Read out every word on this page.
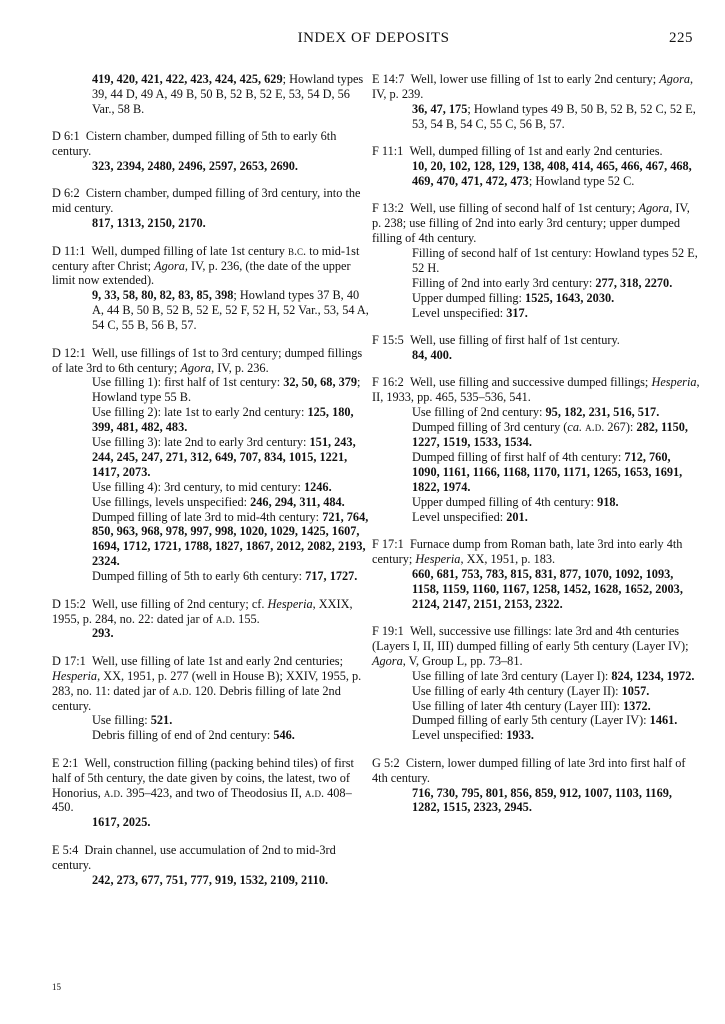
INDEX OF DEPOSITS	225

419, 420, 421, 422, 423, 424, 425, 629; Howland types 39, 44 D, 49 A, 49 B, 50 B, 52 B, 52 E, 53, 54 D, 56 Var., 58 B.

D 6:1 Cistern chamber, dumped filling of 5th to early 6th century.
323, 2394, 2480, 2496, 2597, 2653, 2690.
D 6:2 Cistern chamber, dumped filling of 3rd century, into the mid century.
817, 1313, 2150, 2170.
D 11:1 Well, dumped filling of late 1st century b.c. to mid-1st century after Christ; Agora, IV, p. 236, (the date of the upper limit now extended).
9, 33, 58, 80, 82, 83, 85, 398; Howland types 37 B, 40 A, 44 B, 50 B, 52 B, 52 E, 52 F, 52 H, 52 Var., 53, 54 A, 54 C, 55 B, 56 B, 57.
D 12:1 Well, use fillings of 1st to 3rd century; dumped fillings of late 3rd to 6th century; Agora, IV, p. 236.
Use filling 1): first half of 1st century: 32, 50, 68, 379; Howland type 55 B.
Use filling 2): late 1st to early 2nd century: 125, 180, 399, 481, 482, 483.
Use filling 3): late 2nd to early 3rd century: 151, 243, 244, 245, 247, 271, 312, 649, 707, 834, 1015, 1221, 1417, 2073.
Use filling 4): 3rd century, to mid century: 1246.
Use fillings, levels unspecified: 246, 294, 311, 484.
Dumped filling of late 3rd to mid-4th century: 721, 764, 850, 963, 968, 978, 997, 998, 1020, 1029, 1425, 1607, 1694, 1712, 1721, 1788, 1827, 1867, 2012, 2082, 2193, 2324.
Dumped filling of 5th to early 6th century: 717, 1727.
D 15:2 Well, use filling of 2nd century; cf. Hesperia, XXIX, 1955, p. 284, no. 22: dated jar of a.d. 155.
293.
D 17:1 Well, use filling of late 1st and early 2nd centuries; Hesperia, XX, 1951, p. 277 (well in House B); XXIV, 1955, p. 283, no. 11: dated jar of a.d. 120. Debris filling of late 2nd century.
Use filling: 521.
Debris filling of end of 2nd century: 546.
E 2:1 Well, construction filling (packing behind tiles) of first half of 5th century, the date given by coins, the latest, two of Honorius, a.d. 395–423, and two of Theodosius II, a.d. 408–450.
1617, 2025.
E 5:4 Drain channel, use accumulation of 2nd to mid-3rd century.
242, 273, 677, 751, 777, 919, 1532, 2109, 2110.
E 14:7 Well, lower use filling of 1st to early 2nd century; Agora, IV, p. 239.
36, 47, 175; Howland types 49 B, 50 B, 52 B, 52 C, 52 E, 53, 54 B, 54 C, 55 C, 56 B, 57.
F 11:1 Well, dumped filling of 1st and early 2nd centuries.
10, 20, 102, 128, 129, 138, 408, 414, 465, 466, 467, 468, 469, 470, 471, 472, 473; Howland type 52 C.
F 13:2 Well, use filling of second half of 1st century; Agora, IV, p. 238; use filling of 2nd into early 3rd century; upper dumped filling of 4th century.
Filling of second half of 1st century: Howland types 52 E, 52 H.
Filling of 2nd into early 3rd century: 277, 318, 2270.
Upper dumped filling: 1525, 1643, 2030.
Level unspecified: 317.
F 15:5 Well, use filling of first half of 1st century.
84, 400.
F 16:2 Well, use filling and successive dumped fillings; Hesperia, II, 1933, pp. 465, 535–536, 541.
Use filling of 2nd century: 95, 182, 231, 516, 517.
Dumped filling of 3rd century (ca. a.d. 267): 282, 1150, 1227, 1519, 1533, 1534.
Dumped filling of first half of 4th century: 712, 760, 1090, 1161, 1166, 1168, 1170, 1171, 1265, 1653, 1691, 1822, 1974.
Upper dumped filling of 4th century: 918.
Level unspecified: 201.
F 17:1 Furnace dump from Roman bath, late 3rd into early 4th century; Hesperia, XX, 1951, p. 183.
660, 681, 753, 783, 815, 831, 877, 1070, 1092, 1093, 1158, 1159, 1160, 1167, 1258, 1452, 1628, 1652, 2003, 2124, 2147, 2151, 2153, 2322.
F 19:1 Well, successive use fillings: late 3rd and 4th centuries (Layers I, II, III) dumped filling of early 5th century (Layer IV); Agora, V, Group L, pp. 73–81.
Use filling of late 3rd century (Layer I): 824, 1234, 1972.
Use filling of early 4th century (Layer II): 1057.
Use filling of later 4th century (Layer III): 1372.
Dumped filling of early 5th century (Layer IV): 1461.
Level unspecified: 1933.
G 5:2 Cistern, lower dumped filling of late 3rd into first half of 4th century.
716, 730, 795, 801, 856, 859, 912, 1007, 1103, 1169, 1282, 1515, 2323, 2945.
15
